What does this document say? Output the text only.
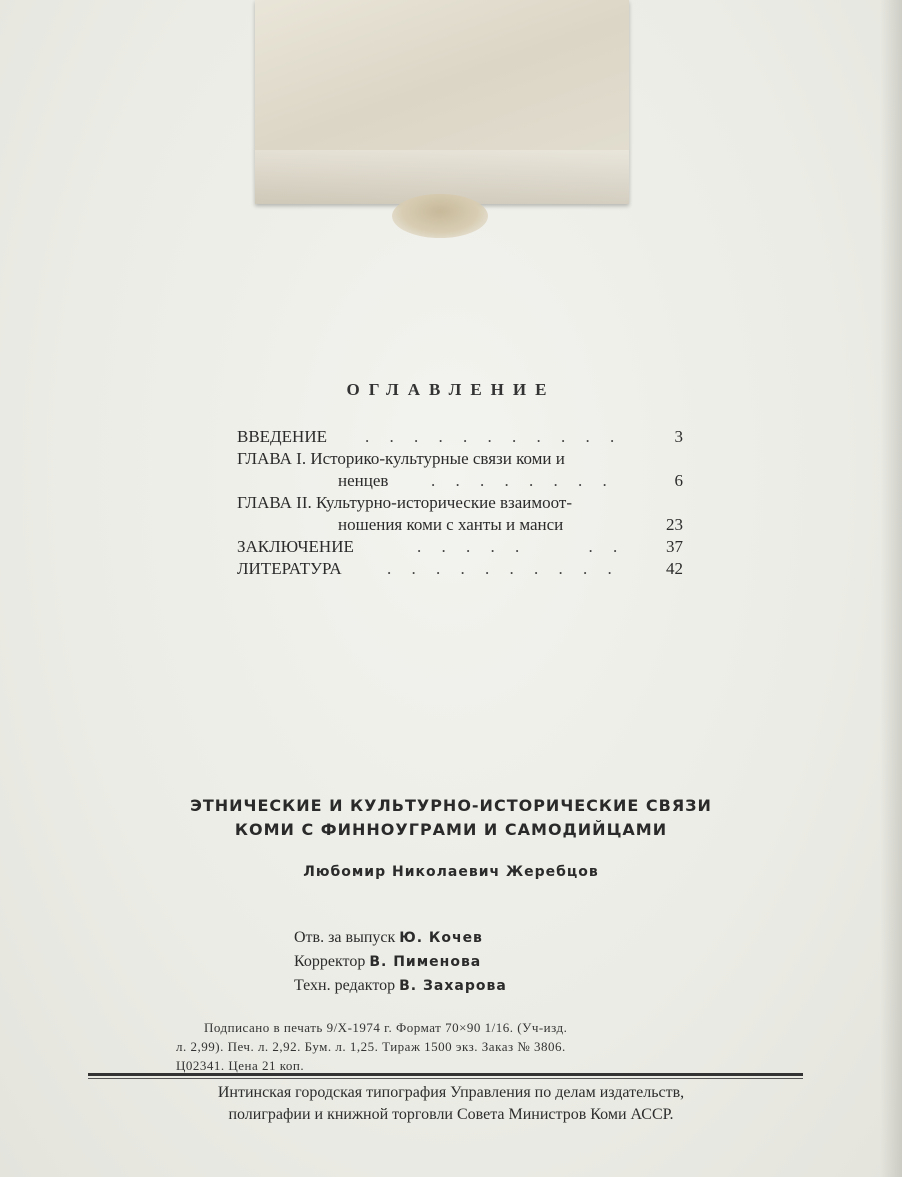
ОГЛАВЛЕНИЕ
ВВЕДЕНИЕ . . . . . . . . . . .	3
ГЛАВА I. Историко-культурные связи коми и
ненцев	. . . . . . . .	6
ГЛАВА II. Культурно-исторические взаимоот-
ношения коми с ханты и манси	23
ЗАКЛЮЧЕНИЕ	. . . . .     . . 37
ЛИТЕРАТУРА	. . . . . . . . . .	42
ЭТНИЧЕСКИЕ И КУЛЬТУРНО-ИСТОРИЧЕСКИЕ СВЯЗИ
КОМИ С ФИННОУГРАМИ И САМОДИЙЦАМИ
Любомир Николаевич Жеребцов
Отв. за выпуск Ю. Кочев
Корректор В. Пименова
Техн. редактор В. Захарова
Подписано в печать 9/X-1974 г. Формат 70×90 1/16. (Уч-изд.
л. 2,99). Печ. л. 2,92. Бум. л. 1,25. Тираж 1500 экз. Заказ № 3806.
Ц02341. Цена 21 коп.
Интинская городская типография Управления по делам издательств,
полиграфии и книжной торговли Совета Министров Коми АССР.
